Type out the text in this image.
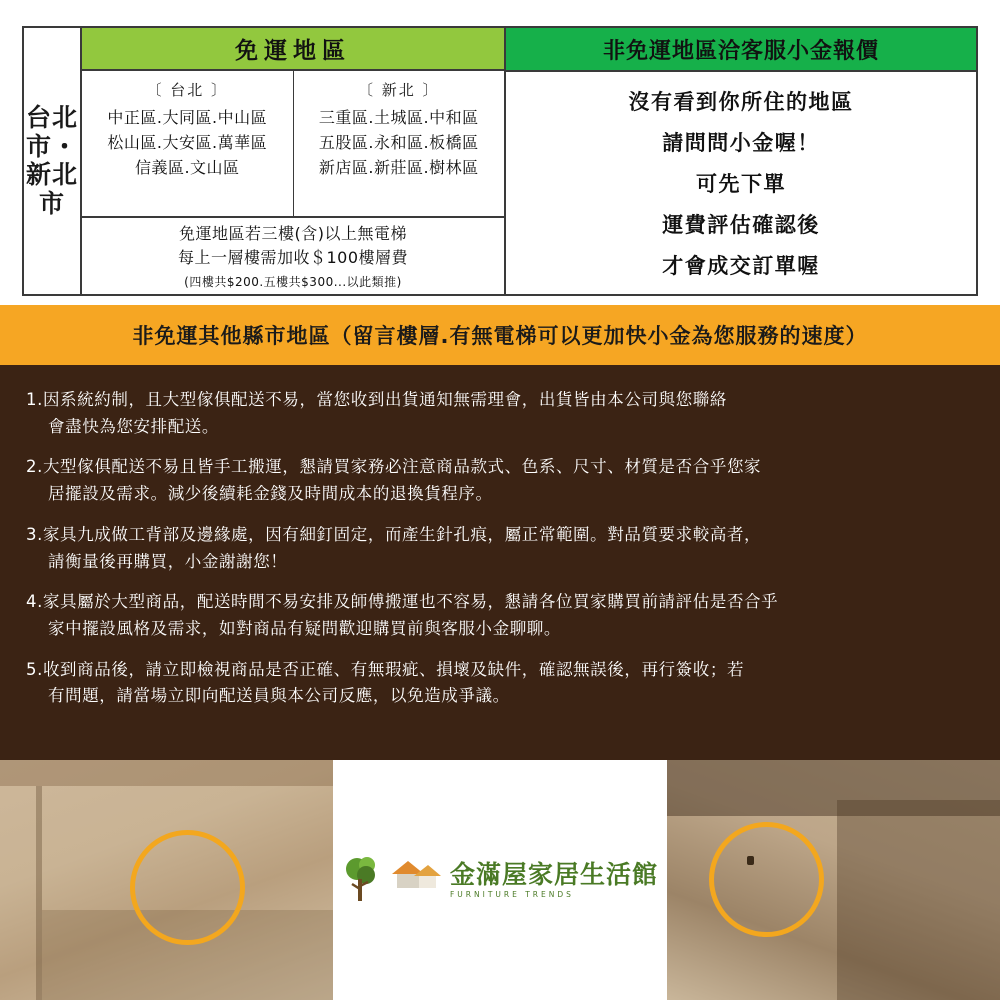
台北市・新北市
免運地區
〔 台北 〕
中正區.大同區.中山區
松山區.大安區.萬華區
信義區.文山區
〔 新北 〕
三重區.土城區.中和區
五股區.永和區.板橋區
新店區.新莊區.樹林區
免運地區若三樓(含)以上無電梯
每上一層樓需加收＄100樓層費
(四樓共$200.五樓共$300...以此類推)
非免運地區洽客服小金報價
沒有看到你所住的地區
請問問小金喔！
可先下單
運費評估確認後
才會成交訂單喔
非免運其他縣市地區（留言樓層.有無電梯可以更加快小金為您服務的速度）
1.因系統約制，且大型傢俱配送不易，當您收到出貨通知無需理會，出貨皆由本公司與您聯絡
會盡快為您安排配送。
2.大型傢俱配送不易且皆手工搬運，懇請買家務必注意商品款式、色系、尺寸、材質是否合乎您家
居擺設及需求。減少後續耗金錢及時間成本的退換貨程序。
3.家具九成做工背部及邊緣處，因有細釘固定，而產生針孔痕，屬正常範圍。對品質要求較高者，
請衡量後再購買，小金謝謝您！
4.家具屬於大型商品，配送時間不易安排及師傅搬運也不容易，懇請各位買家購買前請評估是否合乎
家中擺設風格及需求，如對商品有疑問歡迎購買前與客服小金聊聊。
5.收到商品後，請立即檢視商品是否正確、有無瑕疵、損壞及缺件，確認無誤後，再行簽收；若
有問題，請當場立即向配送員與本公司反應，以免造成爭議。
金滿屋家居生活館
FURNITURE TRENDS
